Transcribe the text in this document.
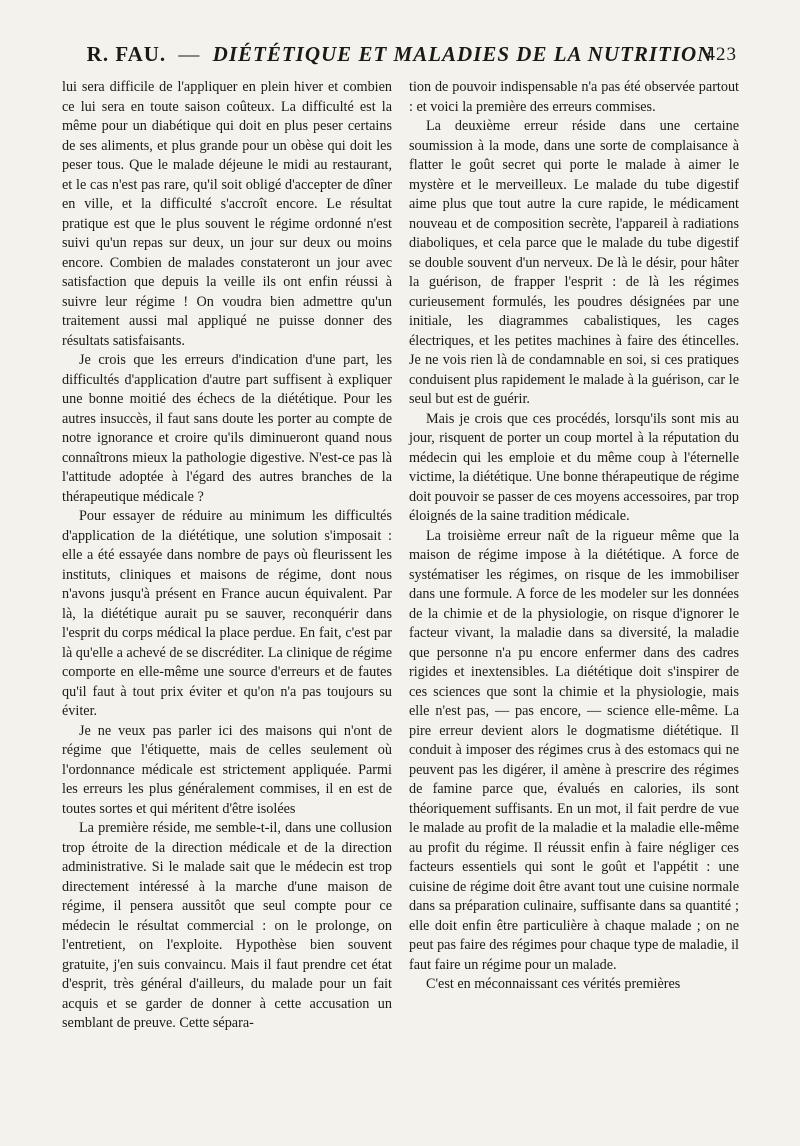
R. FAU. — DIÉTÉTIQUE ET MALADIES DE LA NUTRITION
423

lui sera difficile de l'appliquer en plein hiver et combien ce lui sera en toute saison coûteux. La difficulté est la même pour un diabétique qui doit en plus peser certains de ses aliments, et plus grande pour un obèse qui doit les peser tous. Que le malade déjeune le midi au restaurant, et le cas n'est pas rare, qu'il soit obligé d'accepter de dîner en ville, et la difficulté s'accroît encore. Le résultat pratique est que le plus souvent le régime ordonné n'est suivi qu'un repas sur deux, un jour sur deux ou moins encore. Combien de malades constateront un jour avec satisfaction que depuis la veille ils ont enfin réussi à suivre leur régime ! On voudra bien admettre qu'un traitement aussi mal appliqué ne puisse donner des résultats satisfaisants.

Je crois que les erreurs d'indication d'une part, les difficultés d'application d'autre part suffisent à expliquer une bonne moitié des échecs de la diététique. Pour les autres insuccès, il faut sans doute les porter au compte de notre ignorance et croire qu'ils diminueront quand nous connaîtrons mieux la pathologie digestive. N'est-ce pas là l'attitude adoptée à l'égard des autres branches de la thérapeutique médicale ?

Pour essayer de réduire au minimum les difficultés d'application de la diététique, une solution s'imposait : elle a été essayée dans nombre de pays où fleurissent les instituts, cliniques et maisons de régime, dont nous n'avons jusqu'à présent en France aucun équivalent. Par là, la diététique aurait pu se sauver, reconquérir dans l'esprit du corps médical la place perdue. En fait, c'est par là qu'elle a achevé de se discréditer. La clinique de régime comporte en elle-même une source d'erreurs et de fautes qu'il faut à tout prix éviter et qu'on n'a pas toujours su éviter.

Je ne veux pas parler ici des maisons qui n'ont de régime que l'étiquette, mais de celles seulement où l'ordonnance médicale est strictement appliquée. Parmi les erreurs les plus généralement commises, il en est de toutes sortes et qui méritent d'être isolées

La première réside, me semble-t-il, dans une collusion trop étroite de la direction médicale et de la direction administrative. Si le malade sait que le médecin est trop directement intéressé à la marche d'une maison de régime, il pensera aussitôt que seul compte pour ce médecin le résultat commercial : on le prolonge, on l'entretient, on l'exploite. Hypothèse bien souvent gratuite, j'en suis convaincu. Mais il faut prendre cet état d'esprit, très général d'ailleurs, du malade pour un fait acquis et se garder de donner à cette accusation un semblant de preuve. Cette sépara-

tion de pouvoir indispensable n'a pas été observée partout : et voici la première des erreurs commises.

La deuxième erreur réside dans une certaine soumission à la mode, dans une sorte de complaisance à flatter le goût secret qui porte le malade à aimer le mystère et le merveilleux. Le malade du tube digestif aime plus que tout autre la cure rapide, le médicament nouveau et de composition secrète, l'appareil à radiations diaboliques, et cela parce que le malade du tube digestif se double souvent d'un nerveux. De là le désir, pour hâter la guérison, de frapper l'esprit : de là les régimes curieusement formulés, les poudres désignées par une initiale, les diagrammes cabalistiques, les cages électriques, et les petites machines à faire des étincelles. Je ne vois rien là de condamnable en soi, si ces pratiques conduisent plus rapidement le malade à la guérison, car le seul but est de guérir.

Mais je crois que ces procédés, lorsqu'ils sont mis au jour, risquent de porter un coup mortel à la réputation du médecin qui les emploie et du même coup à l'éternelle victime, la diététique. Une bonne thérapeutique de régime doit pouvoir se passer de ces moyens accessoires, par trop éloignés de la saine tradition médicale.

La troisième erreur naît de la rigueur même que la maison de régime impose à la diététique. A force de systématiser les régimes, on risque de les immobiliser dans une formule. A force de les modeler sur les données de la chimie et de la physiologie, on risque d'ignorer le facteur vivant, la maladie dans sa diversité, la maladie que personne n'a pu encore enfermer dans des cadres rigides et inextensibles. La diététique doit s'inspirer de ces sciences que sont la chimie et la physiologie, mais elle n'est pas, — pas encore, — science elle-même. La pire erreur devient alors le dogmatisme diététique. Il conduit à imposer des régimes crus à des estomacs qui ne peuvent pas les digérer, il amène à prescrire des régimes de famine parce que, évalués en calories, ils sont théoriquement suffisants. En un mot, il fait perdre de vue le malade au profit de la maladie et la maladie elle-même au profit du régime. Il réussit enfin à faire négliger ces facteurs essentiels qui sont le goût et l'appétit : une cuisine de régime doit être avant tout une cuisine normale dans sa préparation culinaire, suffisante dans sa quantité ; elle doit enfin être particulière à chaque malade ; on ne peut pas faire des régimes pour chaque type de maladie, il faut faire un régime pour un malade.

C'est en méconnaissant ces vérités premières
